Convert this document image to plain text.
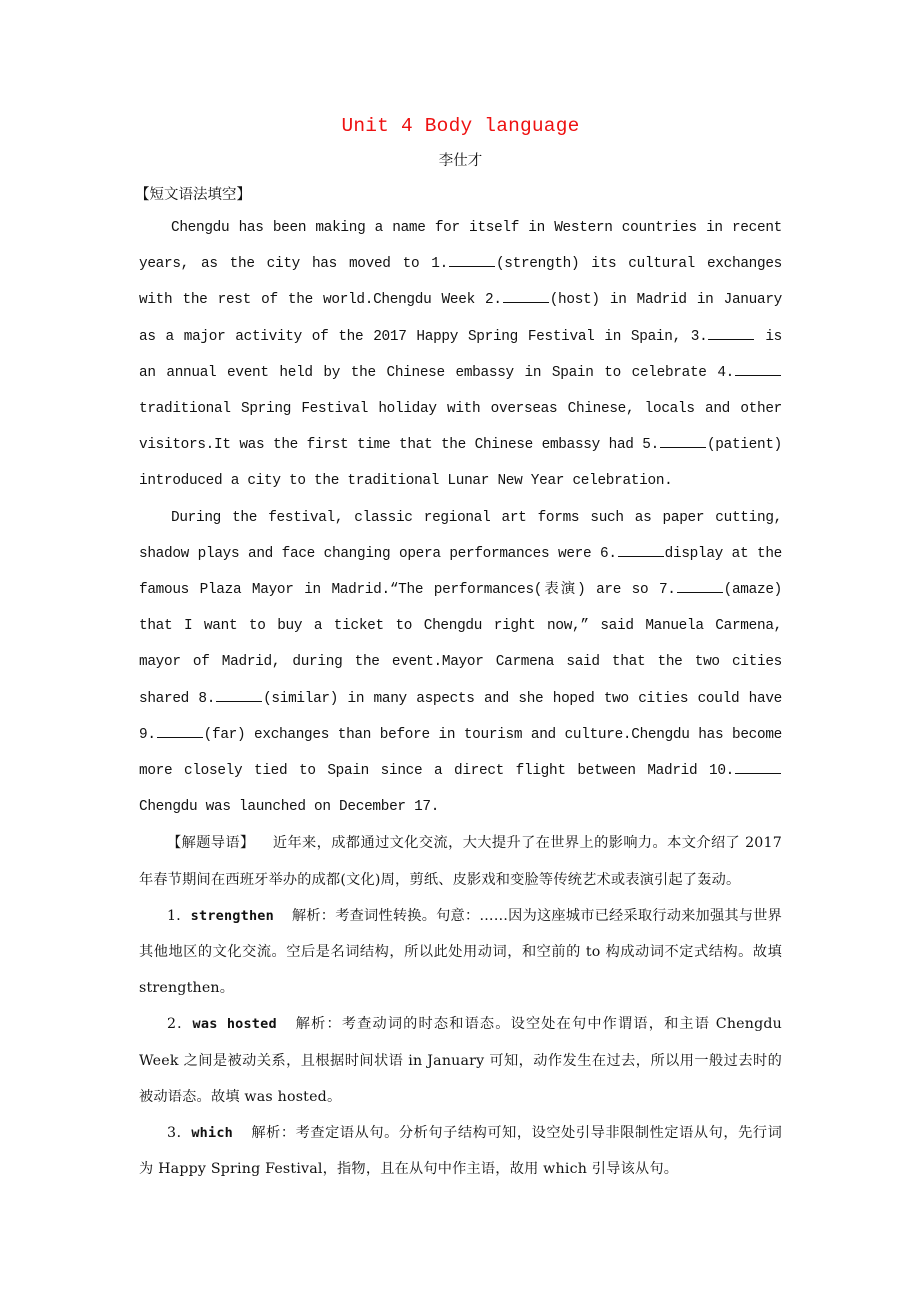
Unit 4 Body language
李仕才
【短文语法填空】

Chengdu has been making a name for itself in Western countries in recent years, as the city has moved to 1.	(strength) its cultural exchanges with the rest of the world.Chengdu Week 2.	(host) in Madrid in January as a major activity of the 2017 Happy Spring Festival in Spain, 3.	is an annual event held by the Chinese embassy in Spain to celebrate 4.traditional Spring Festival holiday with overseas Chinese, locals and other visitors.It was the first time that the Chinese embassy had 5.	(patient) introduced a city to the traditional Lunar New Year celebration.

During the festival, classic regional art forms such as paper cutting, shadow plays and face changing opera performances were 6.	display at the famous Plaza Mayor in Madrid.“The performances(表演) are so 7.	(amaze) that I want to buy a ticket to Chengdu right now,” said Manuela Carmena, mayor of Madrid, during the event.Mayor Carmena said that the two cities shared 8.	(similar) in many aspects and she hoped two cities could have 9.	(far) exchanges than before in tourism and culture.Chengdu has become more closely tied to Spain since a direct flight between Madrid 10.Chengdu was launched on December 17.

【解题导语】 近年来，成都通过文化交流，大大提升了在世界上的影响力。本文介绍了 2017 年春节期间在西班牙举办的成都(文化)周，剪纸、皮影戏和变脸等传统艺术或表演引起了轰动。

1．strengthen 解析：考查词性转换。句意：……因为这座城市已经采取行动来加强其与世界其他地区的文化交流。空后是名词结构，所以此处用动词，和空前的 to 构成动词不定式结构。故填 strengthen。

2．was hosted 解析：考查动词的时态和语态。设空处在句中作谓语，和主语 Chengdu Week 之间是被动关系，且根据时间状语 in January 可知，动作发生在过去，所以用一般过去时的被动语态。故填 was hosted。

3．which 解析：考查定语从句。分析句子结构可知，设空处引导非限制性定语从句，先行词为 Happy Spring Festival，指物，且在从句中作主语，故用 which 引导该从句。
